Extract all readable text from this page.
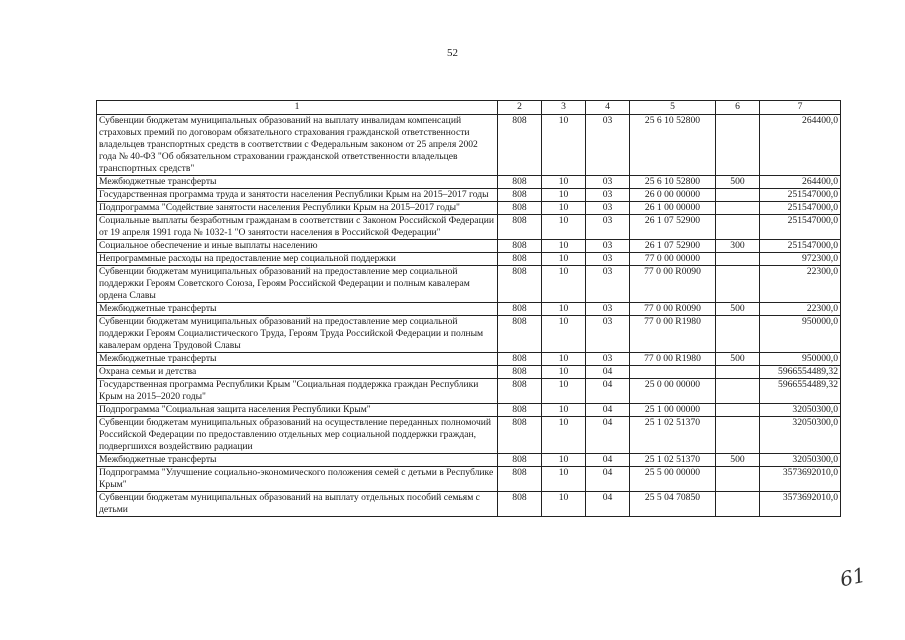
52
1	2	3	4	5	6	7
Субвенции бюджетам муниципальных образований на выплату инвалидам компенсаций страховых премий по договорам обязательного страхования гражданской ответственности владельцев транспортных средств в соответствии с Федеральным законом от 25 апреля 2002 года № 40-ФЗ "Об обязательном страховании гражданской ответственности владельцев транспортных средств"	808	10	03	25 6 10 52800		264400,0
Межбюджетные трансферты	808	10	03	25 6 10 52800	500	264400,0
Государственная программа труда и занятости населения Республики Крым на 2015–2017 годы	808	10	03	26 0 00 00000		251547000,0
Подпрограмма "Содействие занятости населения Республики Крым на 2015–2017 годы"	808	10	03	26 1 00 00000		251547000,0
Социальные выплаты безработным гражданам в соответствии с Законом Российской Федерации от 19 апреля 1991 года № 1032-1 "О занятости населения в Российской Федерации"	808	10	03	26 1 07 52900		251547000,0
Социальное обеспечение и иные выплаты населению	808	10	03	26 1 07 52900	300	251547000,0
Непрограммные расходы на предоставление мер социальной поддержки	808	10	03	77 0 00 00000		972300,0
Субвенции бюджетам муниципальных образований на предоставление мер социальной поддержки Героям Советского Союза, Героям Российской Федерации и полным кавалерам ордена Славы	808	10	03	77 0 00 R0090		22300,0
Межбюджетные трансферты	808	10	03	77 0 00 R0090	500	22300,0
Субвенции бюджетам муниципальных образований на предоставление мер социальной поддержки Героям Социалистического Труда, Героям Труда Российской Федерации и полным кавалерам ордена Трудовой Славы	808	10	03	77 0 00 R1980		950000,0
Межбюджетные трансферты	808	10	03	77 0 00 R1980	500	950000,0
Охрана семьи и детства	808	10	04			5966554489,32
Государственная программа Республики Крым "Социальная поддержка граждан Республики Крым на 2015–2020 годы"	808	10	04	25 0 00 00000		5966554489,32
Подпрограмма "Социальная защита населения Республики Крым"	808	10	04	25 1 00 00000		32050300,0
Субвенции бюджетам муниципальных образований на осуществление переданных полномочий Российской Федерации по предоставлению отдельных мер социальной поддержки граждан, подвергшихся воздействию радиации	808	10	04	25 1 02 51370		32050300,0
Межбюджетные трансферты	808	10	04	25 1 02 51370	500	32050300,0
Подпрограмма "Улучшение социально-экономического положения семей с детьми в Республике Крым"	808	10	04	25 5 00 00000		3573692010,0
Субвенции бюджетам муниципальных образований на выплату отдельных пособий семьям с детьми	808	10	04	25 5 04 70850		3573692010,0
61
